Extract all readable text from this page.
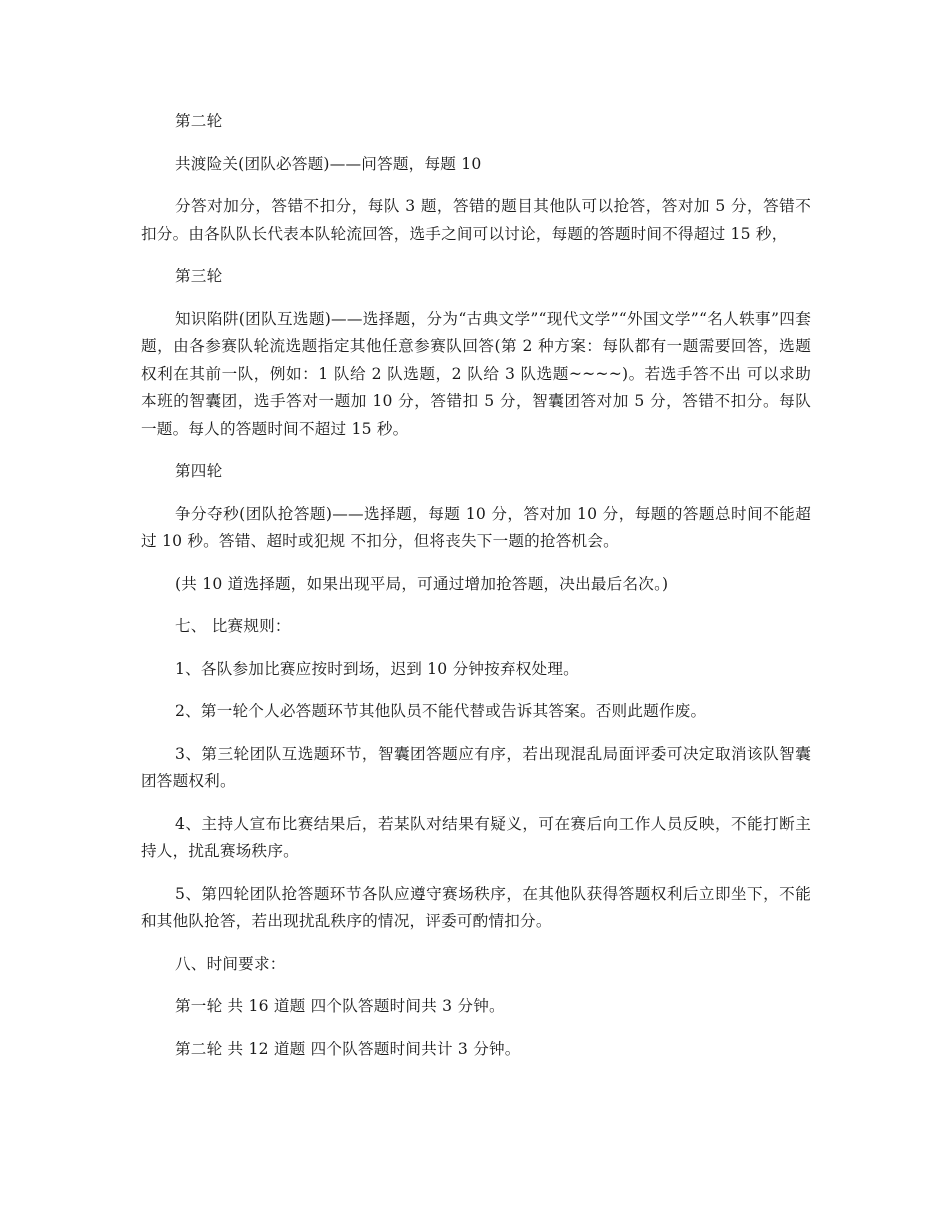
第二轮

共渡险关(团队必答题)——问答题，每题 10

分答对加分，答错不扣分，每队 3 题，答错的题目其他队可以抢答，答对加 5 分，答错不扣分。由各队队长代表本队轮流回答，选手之间可以讨论，每题的答题时间不得超过 15 秒，

第三轮

知识陷阱(团队互选题)——选择题，分为“古典文学”“现代文学”“外国文学”“名人轶事”四套题，由各参赛队轮流选题指定其他任意参赛队回答(第 2 种方案：每队都有一题需要回答，选题权利在其前一队，例如：1 队给 2 队选题，2 队给 3 队选题~~~~)。若选手答不出 可以求助本班的智囊团，选手答对一题加 10 分，答错扣 5 分，智囊团答对加 5 分，答错不扣分。每队一题。每人的答题时间不超过 15 秒。

第四轮

争分夺秒(团队抢答题)——选择题，每题 10 分，答对加 10 分，每题的答题总时间不能超过 10 秒。答错、超时或犯规 不扣分，但将丧失下一题的抢答机会。

(共 10 道选择题，如果出现平局，可通过增加抢答题，决出最后名次。)

七、 比赛规则：

1、各队参加比赛应按时到场，迟到 10 分钟按弃权处理。

2、第一轮个人必答题环节其他队员不能代替或告诉其答案。否则此题作废。

3、第三轮团队互选题环节，智囊团答题应有序，若出现混乱局面评委可决定取消该队智囊团答题权利。

4、主持人宣布比赛结果后，若某队对结果有疑义，可在赛后向工作人员反映，不能打断主持人，扰乱赛场秩序。

5、第四轮团队抢答题环节各队应遵守赛场秩序，在其他队获得答题权利后立即坐下，不能和其他队抢答，若出现扰乱秩序的情况，评委可酌情扣分。

八、时间要求：

第一轮 共 16 道题 四个队答题时间共 3 分钟。

第二轮 共 12 道题 四个队答题时间共计 3 分钟。
